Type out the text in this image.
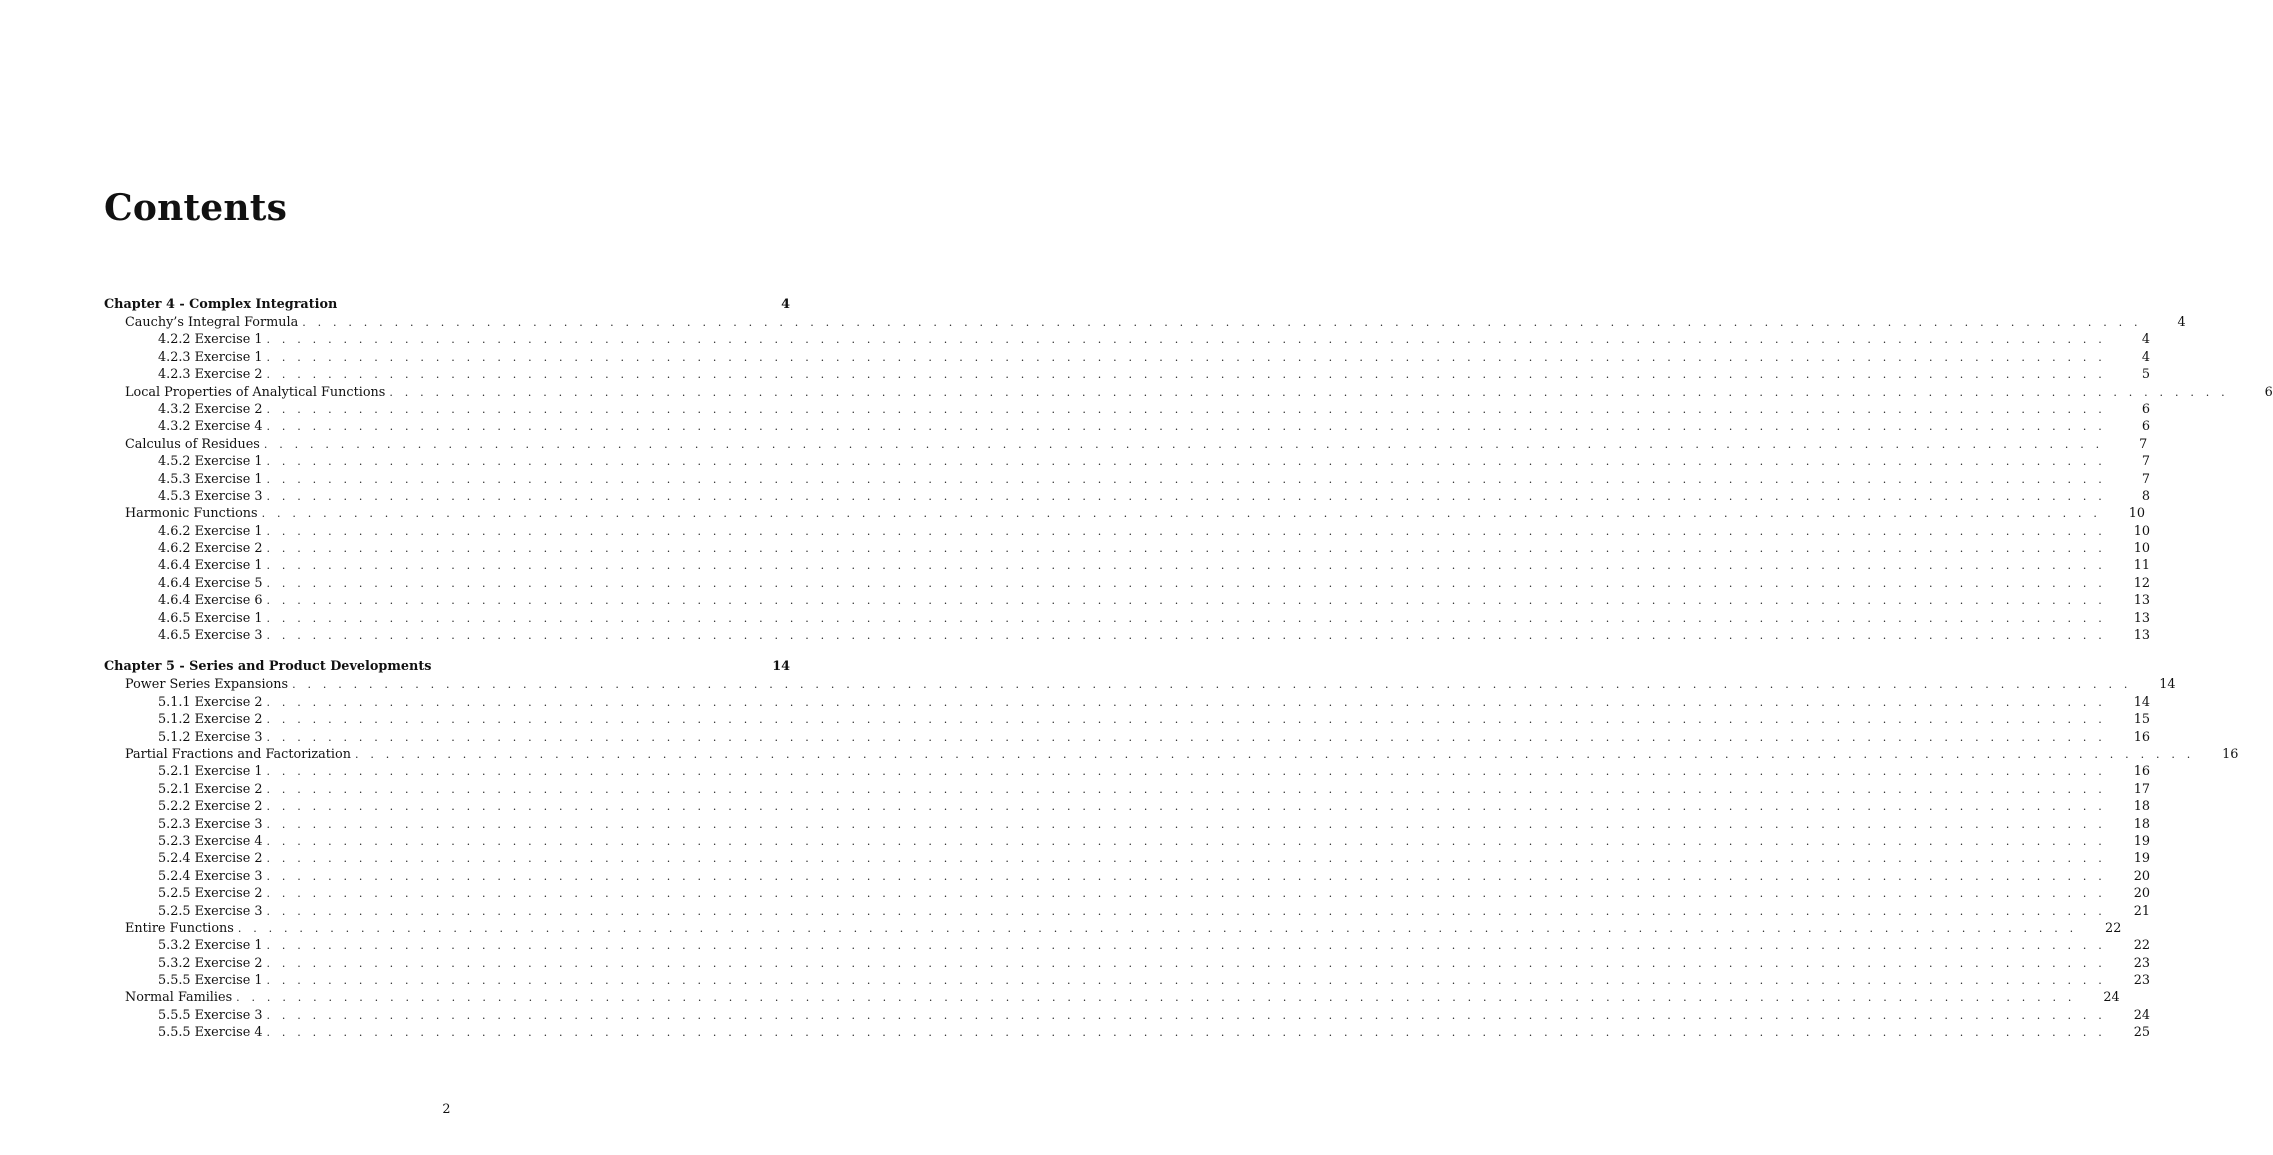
Contents
Chapter 4 - Complex Integration	4
Cauchy’s Integral Formula . . . . . . . . . . . . . . . . . . . . . . . . . . . . . . . . . . . . . . . . . . . . . . . . . . . . . . . . . . . . . . . . . . . . . . . . . . . . . . . . . . . . . . . . . . . . . . . . . . . . . . . . . . . . . . . . . . . . . . . .	4
4.2.2 Exercise 1 . . . . . . . . . . . . . . . . . . . . . . . . . . . . . . . . . . . . . . . . . . . . . . . . . . . . . . . . . . . . . . . . . . . . . . . . . . . . . . . . . . . . . . . . . . . . . . . . . . . . . . . . . . . . . . . . . . . . . . . .	4
4.2.3 Exercise 1 . . . . . . . . . . . . . . . . . . . . . . . . . . . . . . . . . . . . . . . . . . . . . . . . . . . . . . . . . . . . . . . . . . . . . . . . . . . . . . . . . . . . . . . . . . . . . . . . . . . . . . . . . . . . . . . . . . . . . . . .	4
4.2.3 Exercise 2 . . . . . . . . . . . . . . . . . . . . . . . . . . . . . . . . . . . . . . . . . . . . . . . . . . . . . . . . . . . . . . . . . . . . . . . . . . . . . . . . . . . . . . . . . . . . . . . . . . . . . . . . . . . . . . . . . . . . . . . .	5
Local Properties of Analytical Functions . . . . . . . . . . . . . . . . . . . . . . . . . . . . . . . . . . . . . . . . . . . . . . . . . . . . . . . . . . . . . . . . . . . . . . . . . . . . . . . . . . . . . . . . . . . . . . . . . . . . . . . . . . . . . . . . . . . . . . . .	6
4.3.2 Exercise 2 . . . . . . . . . . . . . . . . . . . . . . . . . . . . . . . . . . . . . . . . . . . . . . . . . . . . . . . . . . . . . . . . . . . . . . . . . . . . . . . . . . . . . . . . . . . . . . . . . . . . . . . . . . . . . . . . . . . . . . . .	6
4.3.2 Exercise 4 . . . . . . . . . . . . . . . . . . . . . . . . . . . . . . . . . . . . . . . . . . . . . . . . . . . . . . . . . . . . . . . . . . . . . . . . . . . . . . . . . . . . . . . . . . . . . . . . . . . . . . . . . . . . . . . . . . . . . . . .	6
Calculus of Residues . . . . . . . . . . . . . . . . . . . . . . . . . . . . . . . . . . . . . . . . . . . . . . . . . . . . . . . . . . . . . . . . . . . . . . . . . . . . . . . . . . . . . . . . . . . . . . . . . . . . . . . . . . . . . . . . . . . . . . . .	7
4.5.2 Exercise 1 . . . . . . . . . . . . . . . . . . . . . . . . . . . . . . . . . . . . . . . . . . . . . . . . . . . . . . . . . . . . . . . . . . . . . . . . . . . . . . . . . . . . . . . . . . . . . . . . . . . . . . . . . . . . . . . . . . . . . . . .	7
4.5.3 Exercise 1 . . . . . . . . . . . . . . . . . . . . . . . . . . . . . . . . . . . . . . . . . . . . . . . . . . . . . . . . . . . . . . . . . . . . . . . . . . . . . . . . . . . . . . . . . . . . . . . . . . . . . . . . . . . . . . . . . . . . . . . .	7
4.5.3 Exercise 3 . . . . . . . . . . . . . . . . . . . . . . . . . . . . . . . . . . . . . . . . . . . . . . . . . . . . . . . . . . . . . . . . . . . . . . . . . . . . . . . . . . . . . . . . . . . . . . . . . . . . . . . . . . . . . . . . . . . . . . . .	8
Harmonic Functions . . . . . . . . . . . . . . . . . . . . . . . . . . . . . . . . . . . . . . . . . . . . . . . . . . . . . . . . . . . . . . . . . . . . . . . . . . . . . . . . . . . . . . . . . . . . . . . . . . . . . . . . . . . . . . . . . . . . . . . .	10
4.6.2 Exercise 1 . . . . . . . . . . . . . . . . . . . . . . . . . . . . . . . . . . . . . . . . . . . . . . . . . . . . . . . . . . . . . . . . . . . . . . . . . . . . . . . . . . . . . . . . . . . . . . . . . . . . . . . . . . . . . . . . . . . . . . . .	10
4.6.2 Exercise 2 . . . . . . . . . . . . . . . . . . . . . . . . . . . . . . . . . . . . . . . . . . . . . . . . . . . . . . . . . . . . . . . . . . . . . . . . . . . . . . . . . . . . . . . . . . . . . . . . . . . . . . . . . . . . . . . . . . . . . . . .	10
4.6.4 Exercise 1 . . . . . . . . . . . . . . . . . . . . . . . . . . . . . . . . . . . . . . . . . . . . . . . . . . . . . . . . . . . . . . . . . . . . . . . . . . . . . . . . . . . . . . . . . . . . . . . . . . . . . . . . . . . . . . . . . . . . . . . .	11
4.6.4 Exercise 5 . . . . . . . . . . . . . . . . . . . . . . . . . . . . . . . . . . . . . . . . . . . . . . . . . . . . . . . . . . . . . . . . . . . . . . . . . . . . . . . . . . . . . . . . . . . . . . . . . . . . . . . . . . . . . . . . . . . . . . . .	12
4.6.4 Exercise 6 . . . . . . . . . . . . . . . . . . . . . . . . . . . . . . . . . . . . . . . . . . . . . . . . . . . . . . . . . . . . . . . . . . . . . . . . . . . . . . . . . . . . . . . . . . . . . . . . . . . . . . . . . . . . . . . . . . . . . . . .	13
4.6.5 Exercise 1 . . . . . . . . . . . . . . . . . . . . . . . . . . . . . . . . . . . . . . . . . . . . . . . . . . . . . . . . . . . . . . . . . . . . . . . . . . . . . . . . . . . . . . . . . . . . . . . . . . . . . . . . . . . . . . . . . . . . . . . .	13
4.6.5 Exercise 3 . . . . . . . . . . . . . . . . . . . . . . . . . . . . . . . . . . . . . . . . . . . . . . . . . . . . . . . . . . . . . . . . . . . . . . . . . . . . . . . . . . . . . . . . . . . . . . . . . . . . . . . . . . . . . . . . . . . . . . . .	13
Chapter 5 - Series and Product Developments	14
Power Series Expansions . . . . . . . . . . . . . . . . . . . . . . . . . . . . . . . . . . . . . . . . . . . . . . . . . . . . . . . . . . . . . . . . . . . . . . . . . . . . . . . . . . . . . . . . . . . . . . . . . . . . . . . . . . . . . . . . . . . . . . . .	14
5.1.1 Exercise 2 . . . . . . . . . . . . . . . . . . . . . . . . . . . . . . . . . . . . . . . . . . . . . . . . . . . . . . . . . . . . . . . . . . . . . . . . . . . . . . . . . . . . . . . . . . . . . . . . . . . . . . . . . . . . . . . . . . . . . . . .	14
5.1.2 Exercise 2 . . . . . . . . . . . . . . . . . . . . . . . . . . . . . . . . . . . . . . . . . . . . . . . . . . . . . . . . . . . . . . . . . . . . . . . . . . . . . . . . . . . . . . . . . . . . . . . . . . . . . . . . . . . . . . . . . . . . . . . .	15
5.1.2 Exercise 3 . . . . . . . . . . . . . . . . . . . . . . . . . . . . . . . . . . . . . . . . . . . . . . . . . . . . . . . . . . . . . . . . . . . . . . . . . . . . . . . . . . . . . . . . . . . . . . . . . . . . . . . . . . . . . . . . . . . . . . . .	16
Partial Fractions and Factorization . . . . . . . . . . . . . . . . . . . . . . . . . . . . . . . . . . . . . . . . . . . . . . . . . . . . . . . . . . . . . . . . . . . . . . . . . . . . . . . . . . . . . . . . . . . . . . . . . . . . . . . . . . . . . . . . . . . . . . . .	16
5.2.1 Exercise 1 . . . . . . . . . . . . . . . . . . . . . . . . . . . . . . . . . . . . . . . . . . . . . . . . . . . . . . . . . . . . . . . . . . . . . . . . . . . . . . . . . . . . . . . . . . . . . . . . . . . . . . . . . . . . . . . . . . . . . . . .	16
5.2.1 Exercise 2 . . . . . . . . . . . . . . . . . . . . . . . . . . . . . . . . . . . . . . . . . . . . . . . . . . . . . . . . . . . . . . . . . . . . . . . . . . . . . . . . . . . . . . . . . . . . . . . . . . . . . . . . . . . . . . . . . . . . . . . .	17
5.2.2 Exercise 2 . . . . . . . . . . . . . . . . . . . . . . . . . . . . . . . . . . . . . . . . . . . . . . . . . . . . . . . . . . . . . . . . . . . . . . . . . . . . . . . . . . . . . . . . . . . . . . . . . . . . . . . . . . . . . . . . . . . . . . . .	18
5.2.3 Exercise 3 . . . . . . . . . . . . . . . . . . . . . . . . . . . . . . . . . . . . . . . . . . . . . . . . . . . . . . . . . . . . . . . . . . . . . . . . . . . . . . . . . . . . . . . . . . . . . . . . . . . . . . . . . . . . . . . . . . . . . . . .	18
5.2.3 Exercise 4 . . . . . . . . . . . . . . . . . . . . . . . . . . . . . . . . . . . . . . . . . . . . . . . . . . . . . . . . . . . . . . . . . . . . . . . . . . . . . . . . . . . . . . . . . . . . . . . . . . . . . . . . . . . . . . . . . . . . . . . .	19
5.2.4 Exercise 2 . . . . . . . . . . . . . . . . . . . . . . . . . . . . . . . . . . . . . . . . . . . . . . . . . . . . . . . . . . . . . . . . . . . . . . . . . . . . . . . . . . . . . . . . . . . . . . . . . . . . . . . . . . . . . . . . . . . . . . . .	19
5.2.4 Exercise 3 . . . . . . . . . . . . . . . . . . . . . . . . . . . . . . . . . . . . . . . . . . . . . . . . . . . . . . . . . . . . . . . . . . . . . . . . . . . . . . . . . . . . . . . . . . . . . . . . . . . . . . . . . . . . . . . . . . . . . . . .	20
5.2.5 Exercise 2 . . . . . . . . . . . . . . . . . . . . . . . . . . . . . . . . . . . . . . . . . . . . . . . . . . . . . . . . . . . . . . . . . . . . . . . . . . . . . . . . . . . . . . . . . . . . . . . . . . . . . . . . . . . . . . . . . . . . . . . .	20
5.2.5 Exercise 3 . . . . . . . . . . . . . . . . . . . . . . . . . . . . . . . . . . . . . . . . . . . . . . . . . . . . . . . . . . . . . . . . . . . . . . . . . . . . . . . . . . . . . . . . . . . . . . . . . . . . . . . . . . . . . . . . . . . . . . . .	21
Entire Functions . . . . . . . . . . . . . . . . . . . . . . . . . . . . . . . . . . . . . . . . . . . . . . . . . . . . . . . . . . . . . . . . . . . . . . . . . . . . . . . . . . . . . . . . . . . . . . . . . . . . . . . . . . . . . . . . . . . . . . . .	22
5.3.2 Exercise 1 . . . . . . . . . . . . . . . . . . . . . . . . . . . . . . . . . . . . . . . . . . . . . . . . . . . . . . . . . . . . . . . . . . . . . . . . . . . . . . . . . . . . . . . . . . . . . . . . . . . . . . . . . . . . . . . . . . . . . . . .	22
5.3.2 Exercise 2 . . . . . . . . . . . . . . . . . . . . . . . . . . . . . . . . . . . . . . . . . . . . . . . . . . . . . . . . . . . . . . . . . . . . . . . . . . . . . . . . . . . . . . . . . . . . . . . . . . . . . . . . . . . . . . . . . . . . . . . .	23
5.5.5 Exercise 1 . . . . . . . . . . . . . . . . . . . . . . . . . . . . . . . . . . . . . . . . . . . . . . . . . . . . . . . . . . . . . . . . . . . . . . . . . . . . . . . . . . . . . . . . . . . . . . . . . . . . . . . . . . . . . . . . . . . . . . . .	23
Normal Families . . . . . . . . . . . . . . . . . . . . . . . . . . . . . . . . . . . . . . . . . . . . . . . . . . . . . . . . . . . . . . . . . . . . . . . . . . . . . . . . . . . . . . . . . . . . . . . . . . . . . . . . . . . . . . . . . . . . . . . .	24
5.5.5 Exercise 3 . . . . . . . . . . . . . . . . . . . . . . . . . . . . . . . . . . . . . . . . . . . . . . . . . . . . . . . . . . . . . . . . . . . . . . . . . . . . . . . . . . . . . . . . . . . . . . . . . . . . . . . . . . . . . . . . . . . . . . . .	24
5.5.5 Exercise 4 . . . . . . . . . . . . . . . . . . . . . . . . . . . . . . . . . . . . . . . . . . . . . . . . . . . . . . . . . . . . . . . . . . . . . . . . . . . . . . . . . . . . . . . . . . . . . . . . . . . . . . . . . . . . . . . . . . . . . . . .	25
2
